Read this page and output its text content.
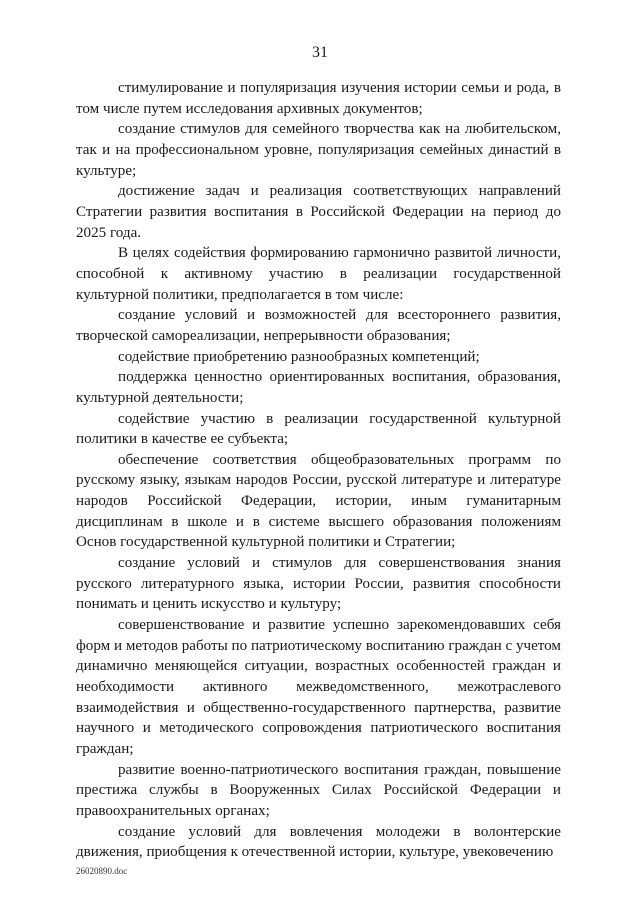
31

стимулирование и популяризация изучения истории семьи и рода, в том числе путем исследования архивных документов;

создание стимулов для семейного творчества как на любительском, так и на профессиональном уровне, популяризация семейных династий в культуре;

достижение задач и реализация соответствующих направлений Стратегии развития воспитания в Российской Федерации на период до 2025 года.

В целях содействия формированию гармонично развитой личности, способной к активному участию в реализации государственной культурной политики, предполагается в том числе:

создание условий и возможностей для всестороннего развития, творческой самореализации, непрерывности образования;

содействие приобретению разнообразных компетенций;

поддержка ценностно ориентированных воспитания, образования, культурной деятельности;

содействие участию в реализации государственной культурной политики в качестве ее субъекта;

обеспечение соответствия общеобразовательных программ по русскому языку, языкам народов России, русской литературе и литературе народов Российской Федерации, истории, иным гуманитарным дисциплинам в школе и в системе высшего образования положениям Основ государственной культурной политики и Стратегии;

создание условий и стимулов для совершенствования знания русского литературного языка, истории России, развития способности понимать и ценить искусство и культуру;

совершенствование и развитие успешно зарекомендовавших себя форм и методов работы по патриотическому воспитанию граждан с учетом динамично меняющейся ситуации, возрастных особенностей граждан и необходимости активного межведомственного, межотраслевого взаимодействия и общественно-государственного партнерства, развитие научного и методического сопровождения патриотического воспитания граждан;

развитие военно-патриотического воспитания граждан, повышение престижа службы в Вооруженных Силах Российской Федерации и правоохранительных органах;

создание условий для вовлечения молодежи в волонтерские движения, приобщения к отечественной истории, культуре, увековечению

26020890.doc
